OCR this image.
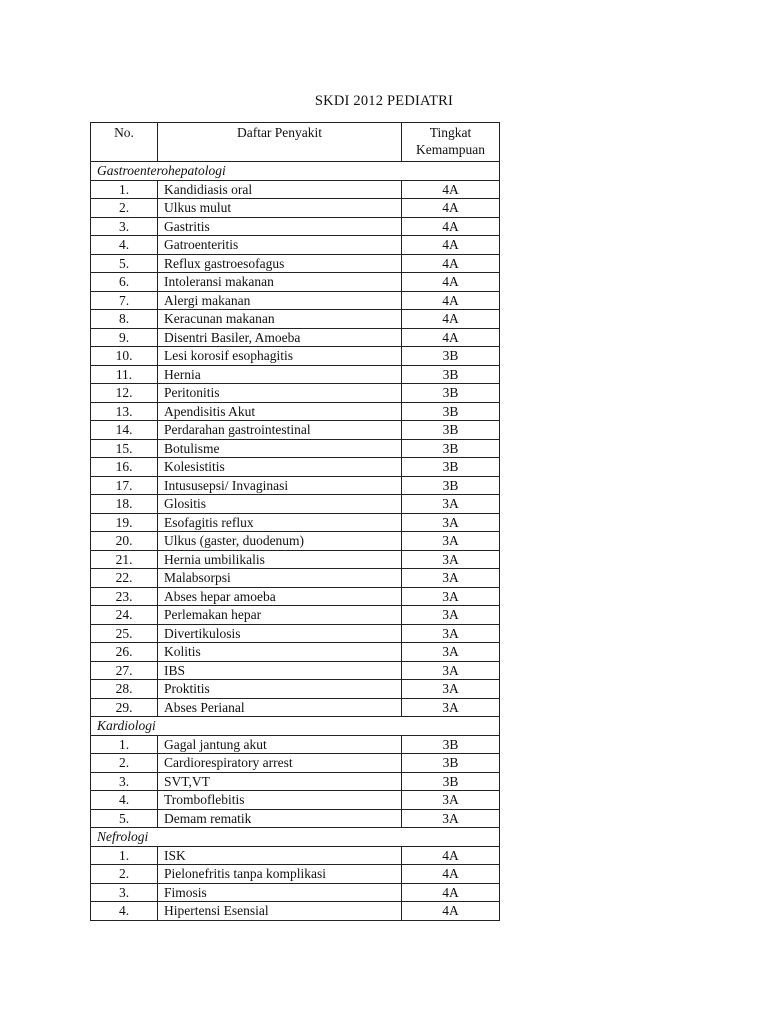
SKDI 2012 PEDIATRI
No.	Daftar Penyakit	Tingkat Kemampuan
Gastroenterohepatologi		
1.	Kandidiasis oral	4A
2.	Ulkus mulut	4A
3.	Gastritis	4A
4.	Gatroenteritis	4A
5.	Reflux gastroesofagus	4A
6.	Intoleransi makanan	4A
7.	Alergi makanan	4A
8.	Keracunan makanan	4A
9.	Disentri Basiler, Amoeba	4A
10.	Lesi korosif esophagitis	3B
11.	Hernia	3B
12.	Peritonitis	3B
13.	Apendisitis Akut	3B
14.	Perdarahan gastrointestinal	3B
15.	Botulisme	3B
16.	Kolesistitis	3B
17.	Intususepsi/ Invaginasi	3B
18.	Glositis	3A
19.	Esofagitis reflux	3A
20.	Ulkus (gaster, duodenum)	3A
21.	Hernia umbilikalis	3A
22.	Malabsorpsi	3A
23.	Abses hepar amoeba	3A
24.	Perlemakan hepar	3A
25.	Divertikulosis	3A
26.	Kolitis	3A
27.	IBS	3A
28.	Proktitis	3A
29.	Abses Perianal	3A
Kardiologi		
1.	Gagal jantung akut	3B
2.	Cardiorespiratory arrest	3B
3.	SVT,VT	3B
4.	Tromboflebitis	3A
5.	Demam rematik	3A
Nefrologi		
1.	ISK	4A
2.	Pielonefritis tanpa komplikasi	4A
3.	Fimosis	4A
4.	Hipertensi Esensial	4A
